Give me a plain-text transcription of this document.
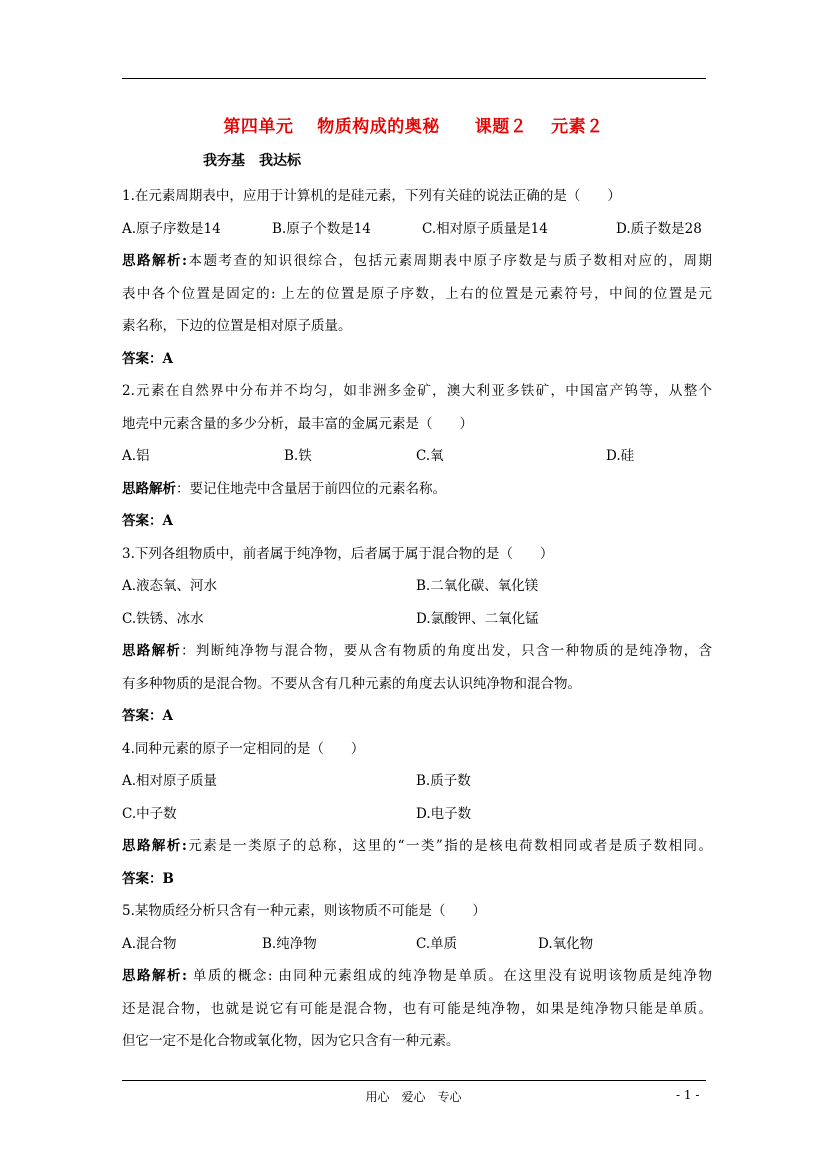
第四单元　 物质构成的奥秘　　课题２　 元素２
我夯基　我达标
1.在元素周期表中，应用于计算机的是硅元素，下列有关硅的说法正确的是（　　）
A.原子序数是14	B.原子个数是14	C.相对原子质量是14	D.质子数是28
思路解析:本题考查的知识很综合，包括元素周期表中原子序数是与质子数相对应的，周期
表中各个位置是固定的: 上左的位置是原子序数，上右的位置是元素符号，中间的位置是元
素名称，下边的位置是相对原子质量。
答案：A
2.元素在自然界中分布并不均匀，如非洲多金矿，澳大利亚多铁矿，中国富产钨等，从整个
地壳中元素含量的多少分析，最丰富的金属元素是（　　）
A.铝	B.铁	C.氧	D.硅
思路解析：要记住地壳中含量居于前四位的元素名称。
答案：A
3.下列各组物质中，前者属于纯净物，后者属于属于混合物的是（　　）
A.液态氧、河水	B.二氧化碳、氧化镁
C.铁锈、冰水	D.氯酸钾、二氧化锰
思路解析：判断纯净物与混合物，要从含有物质的角度出发，只含一种物质的是纯净物，含
有多种物质的是混合物。不要从含有几种元素的角度去认识纯净物和混合物。
答案：A
4.同种元素的原子一定相同的是（　　）
A.相对原子质量	B.质子数
C.中子数	D.电子数
思路解析:元素是一类原子的总称，这里的“一类”指的是核电荷数相同或者是质子数相同。
答案：B
5.某物质经分析只含有一种元素，则该物质不可能是（　　）
A.混合物	B.纯净物	C.单质	D.氧化物
思路解析: 单质的概念: 由同种元素组成的纯净物是单质。在这里没有说明该物质是纯净物
还是混合物，也就是说它有可能是混合物，也有可能是纯净物，如果是纯净物只能是单质。
但它一定不是化合物或氧化物，因为它只含有一种元素。
用心　爱心　专心	- 1 -
